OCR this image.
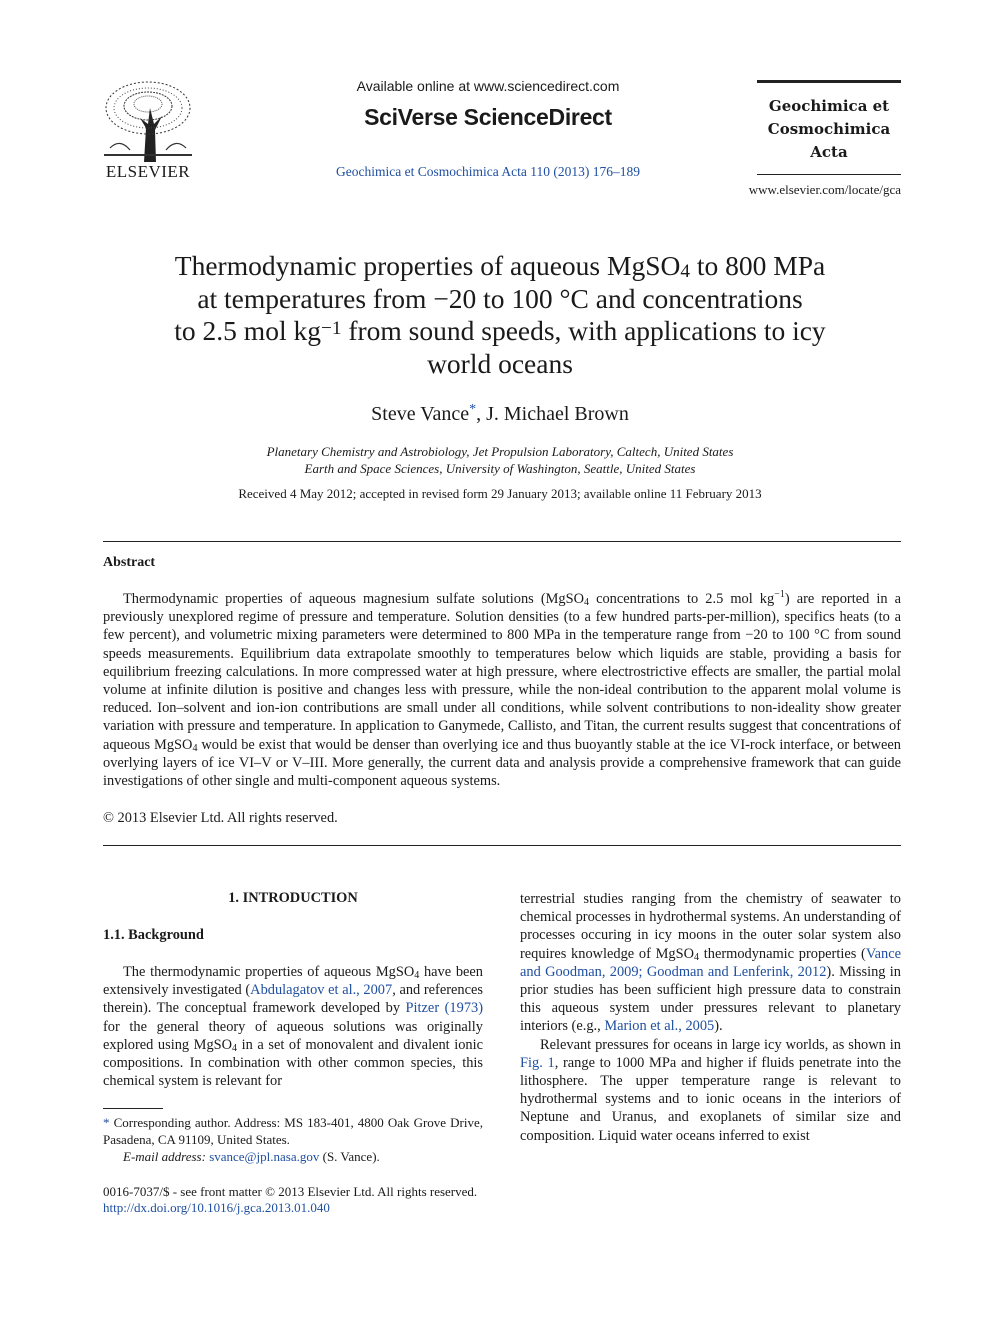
ELSEVIER
Available online at www.sciencedirect.com
SciVerse ScienceDirect
Geochimica et Cosmochimica Acta 110 (2013) 176–189
Geochimica et
Cosmochimica
Acta
www.elsevier.com/locate/gca
Thermodynamic properties of aqueous MgSO$_4$ to 800 MPa
at temperatures from −20 to 100 °C and concentrations
to 2.5 mol $kg^{-1}$ from sound speeds, with applications to icy
world oceans
Steve Vance*, J. Michael Brown
Planetary Chemistry and Astrobiology, Jet Propulsion Laboratory, Caltech, United States
Earth and Space Sciences, University of Washington, Seattle, United States
Received 4 May 2012; accepted in revised form 29 January 2013; available online 11 February 2013
Abstract

Thermodynamic properties of aqueous magnesium sulfate solutions (MgSO$_4$ concentrations to 2.5 mol $kg^{-1}$) are reported in a previously unexplored regime of pressure and temperature. Solution densities (to a few hundred parts-per-million), specifics heats (to a few percent), and volumetric mixing parameters were determined to 800 MPa in the temperature range from −20 to 100 °C from sound speeds measurements. Equilibrium data extrapolate smoothly to temperatures below which liquids are stable, providing a basis for equilibrium freezing calculations. In more compressed water at high pressure, where electrostrictive effects are smaller, the partial molal volume at infinite dilution is positive and changes less with pressure, while the non-ideal contribution to the apparent molal volume is reduced. Ion–solvent and ion-ion contributions are small under all conditions, while solvent contributions to non-ideality show greater variation with pressure and temperature. In application to Ganymede, Callisto, and Titan, the current results suggest that concentrations of aqueous MgSO$_4$ would be exist that would be denser than overlying ice and thus buoyantly stable at the ice VI-rock interface, or between overlying layers of ice VI–V or V–III. More generally, the current data and analysis provide a comprehensive framework that can guide investigations of other single and multi-component aqueous systems.

© 2013 Elsevier Ltd. All rights reserved.
1. INTRODUCTION
1.1. Background

The thermodynamic properties of aqueous MgSO$_4$ have been extensively investigated (Abdulagatov et al., 2007, and references therein). The conceptual framework developed by Pitzer (1973) for the general theory of aqueous solutions was originally explored using MgSO$_4$ in a set of monovalent and divalent ionic compositions. In combination with other common species, this chemical system is relevant for

* Corresponding author. Address: MS 183-401, 4800 Oak Grove Drive, Pasadena, CA 91109, United States.
E-mail address: svance@jpl.nasa.gov (S. Vance).
0016-7037/$ - see front matter © 2013 Elsevier Ltd. All rights reserved.
http://dx.doi.org/10.1016/j.gca.2013.01.040

terrestrial studies ranging from the chemistry of seawater to chemical processes in hydrothermal systems. An understanding of processes occuring in icy moons in the outer solar system also requires knowledge of MgSO$_4$ thermodynamic properties (Vance and Goodman, 2009; Goodman and Lenferink, 2012). Missing in prior studies has been sufficient high pressure data to constrain this aqueous system under pressures relevant to planetary interiors (e.g., Marion et al., 2005).

Relevant pressures for oceans in large icy worlds, as shown in Fig. 1, range to 1000 MPa and higher if fluids penetrate into the lithosphere. The upper temperature range is relevant to hydrothermal systems and to ionic oceans in the interiors of Neptune and Uranus, and exoplanets of similar size and composition. Liquid water oceans inferred to exist
